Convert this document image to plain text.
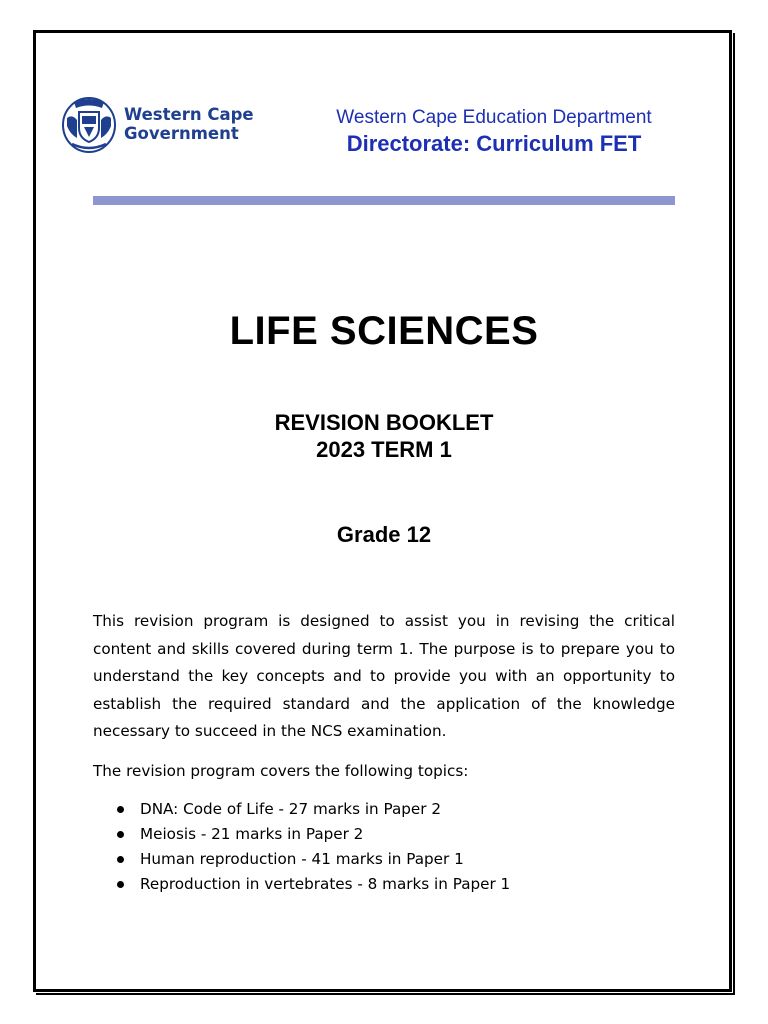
Western Cape
Government
Western Cape Education Department
Directorate: Curriculum FET
LIFE SCIENCES
REVISION BOOKLET
2023 TERM 1
Grade 12
This revision program is designed to assist you in revising the critical content and skills covered during term 1. The purpose is to prepare you to understand the key concepts and to provide you with an opportunity to establish the required standard and the application of the knowledge necessary to succeed in the NCS examination.
The revision program covers the following topics:
DNA: Code of Life - 27 marks in Paper 2
Meiosis - 21 marks in Paper 2
Human reproduction - 41 marks in Paper 1
Reproduction in vertebrates - 8 marks in Paper 1
